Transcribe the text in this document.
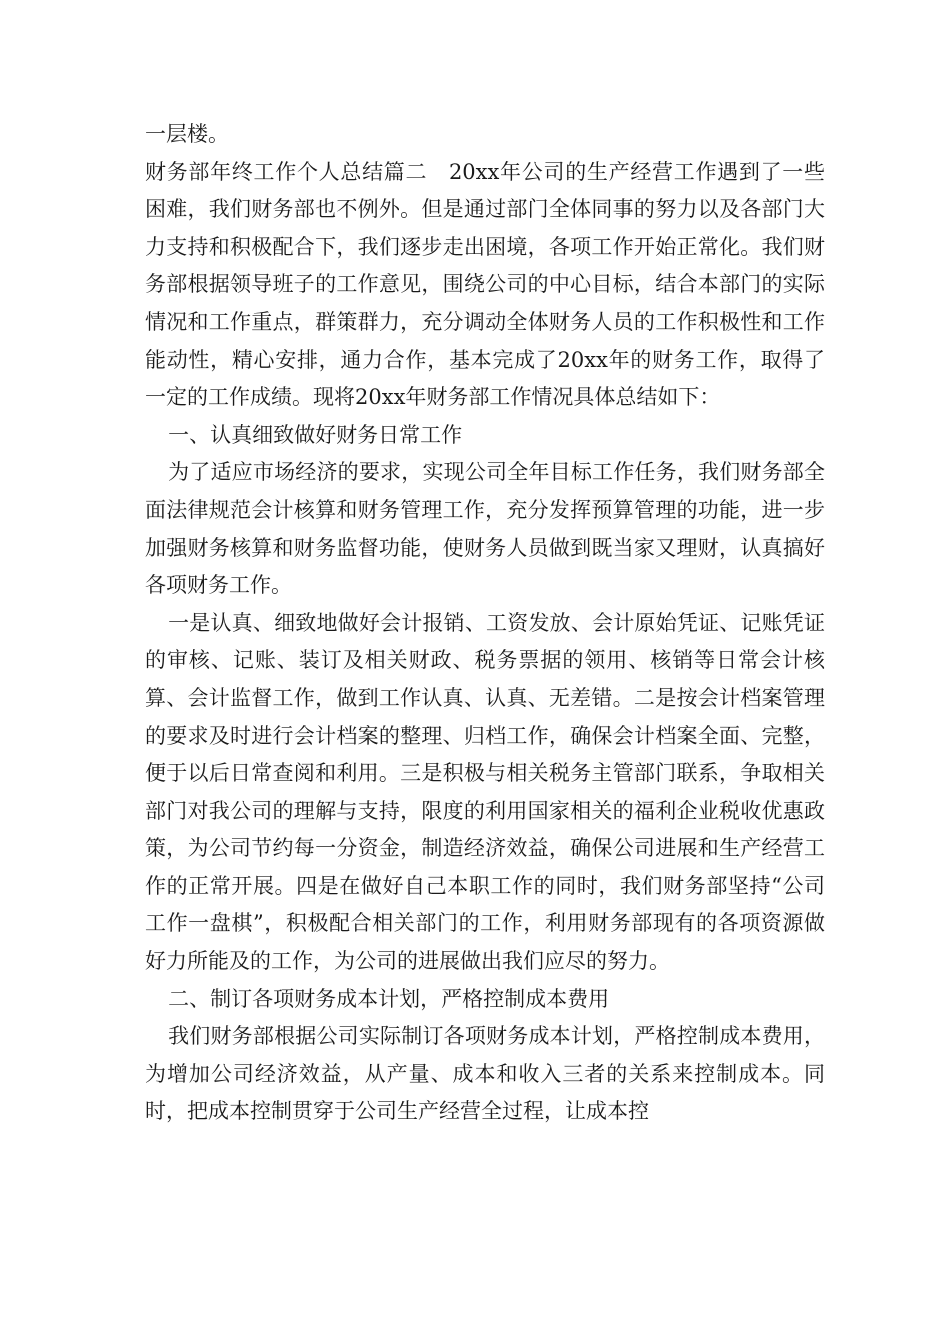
一层楼。

财务部年终工作个人总结篇二　20xx年公司的生产经营工作遇到了一些困难，我们财务部也不例外。但是通过部门全体同事的努力以及各部门大力支持和积极配合下，我们逐步走出困境，各项工作开始正常化。我们财务部根据领导班子的工作意见，围绕公司的中心目标，结合本部门的实际情况和工作重点，群策群力，充分调动全体财务人员的工作积极性和工作能动性，精心安排，通力合作，基本完成了20xx年的财务工作，取得了一定的工作成绩。现将20xx年财务部工作情况具体总结如下：

一、认真细致做好财务日常工作

为了适应市场经济的要求，实现公司全年目标工作任务，我们财务部全面法律规范会计核算和财务管理工作，充分发挥预算管理的功能，进一步加强财务核算和财务监督功能，使财务人员做到既当家又理财，认真搞好各项财务工作。

一是认真、细致地做好会计报销、工资发放、会计原始凭证、记账凭证的审核、记账、装订及相关财政、税务票据的领用、核销等日常会计核算、会计监督工作，做到工作认真、认真、无差错。二是按会计档案管理的要求及时进行会计档案的整理、归档工作，确保会计档案全面、完整，便于以后日常查阅和利用。三是积极与相关税务主管部门联系，争取相关部门对我公司的理解与支持，限度的利用国家相关的福利企业税收优惠政策，为公司节约每一分资金，制造经济效益，确保公司进展和生产经营工作的正常开展。四是在做好自己本职工作的同时，我们财务部坚持“公司工作一盘棋”，积极配合相关部门的工作，利用财务部现有的各项资源做好力所能及的工作，为公司的进展做出我们应尽的努力。

二、制订各项财务成本计划，严格控制成本费用

我们财务部根据公司实际制订各项财务成本计划，严格控制成本费用，为增加公司经济效益，从产量、成本和收入三者的关系来控制成本。同时，把成本控制贯穿于公司生产经营全过程，让成本控
